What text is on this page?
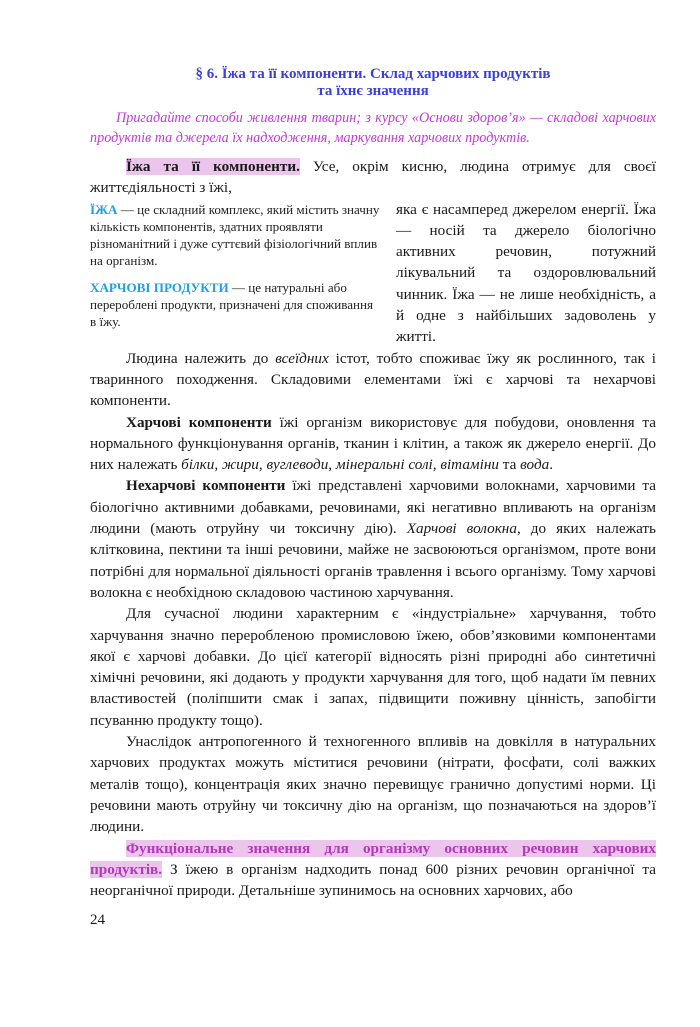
§ 6. Їжа та її компоненти. Склад харчових продуктів
та їхнє значення

Пригадайте способи живлення тварин; з курсу «Основи здоров’я» — складові харчових продуктів та джерела їх надходження, маркування харчових продуктів.

Їжа та її компоненти. Усе, окрім кисню, людина отримує для своєї життєдіяльності з їжі,

ЇЖА — це складний комплекс, який містить значну кількість компонентів, здатних проявляти різноманітний і дуже суттєвий фізіологічний вплив на організм.

ХАРЧОВІ ПРОДУКТИ — це натуральні або перероблені продукти, призначені для споживання в їжу.

яка є насамперед джерелом енергії. Їжа — носій та джерело біологічно активних речовин, потужний лікувальний та оздоровлювальний чинник. Їжа — не лише необхідність, а й одне з найбільших задоволень у житті.

Людина належить до всеїдних істот, тобто споживає їжу як рослинного, так і тваринного походження. Складовими елементами їжі є харчові та нехарчові компоненти.

Харчові компоненти їжі організм використовує для побудови, оновлення та нормального функціонування органів, тканин і клітин, а також як джерело енергії. До них належать білки, жири, вуглеводи, мінеральні солі, вітаміни та вода.

Нехарчові компоненти їжі представлені харчовими волокнами, харчовими та біологічно активними добавками, речовинами, які негативно впливають на організм людини (мають отруйну чи токсичну дію). Харчові волокна, до яких належать клітковина, пектини та інші речовини, майже не засвоюються організмом, проте вони потрібні для нормальної діяльності органів травлення і всього організму. Тому харчові волокна є необхідною складовою частиною харчування.

Для сучасної людини характерним є «індустріальне» харчування, тобто харчування значно переробленою промисловою їжею, обов’язковими компонентами якої є харчові добавки. До цієї категорії відносять різні природні або синтетичні хімічні речовини, які додають у продукти харчування для того, щоб надати їм певних властивостей (поліпшити смак і запах, підвищити поживну цінність, запобігти псуванню продукту тощо).

Унаслідок антропогенного й техногенного впливів на довкілля в натуральних харчових продуктах можуть міститися речовини (нітрати, фосфати, солі важких металів тощо), концентрація яких значно перевищує гранично допустимі норми. Ці речовини мають отруйну чи токсичну дію на організм, що позначаються на здоров’ї людини.

Функціональне значення для організму основних речовин харчових продуктів. З їжею в організм надходить понад 600 різних речовин органічної та неорганічної природи. Детальніше зупинимось на основних харчових, або

24
